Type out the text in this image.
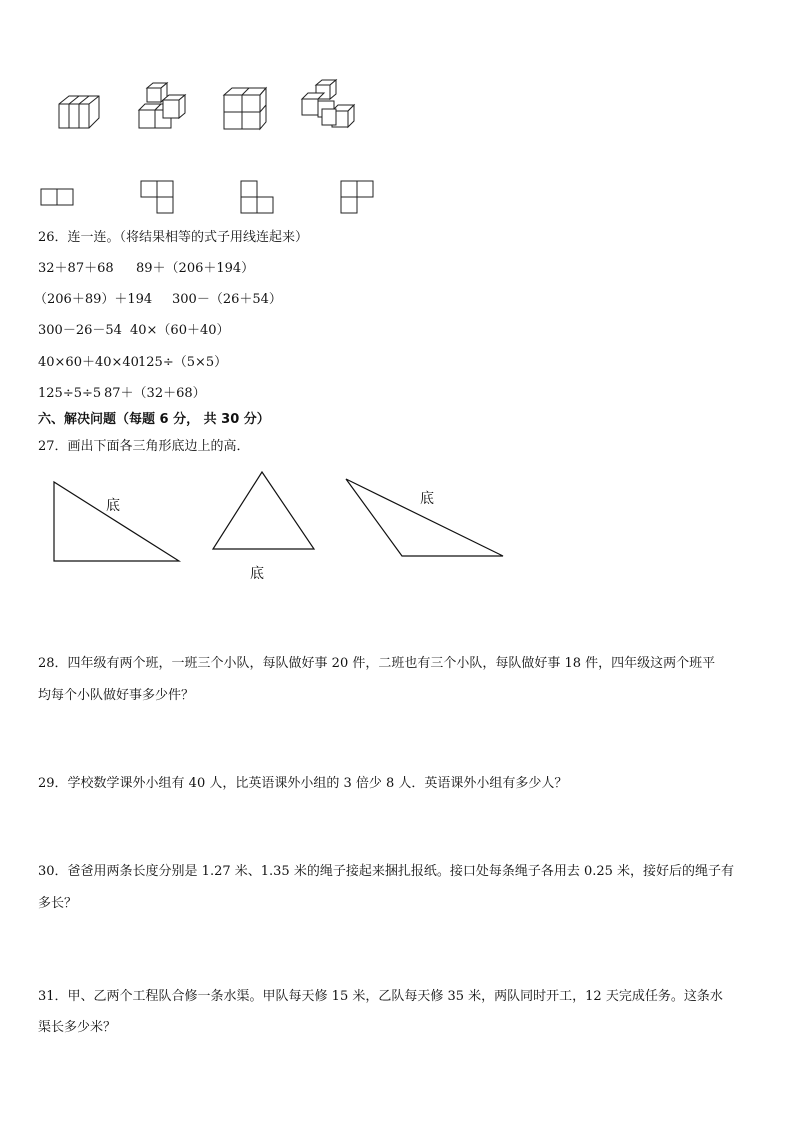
26．连一连。（将结果相等的式子用线连起来）
32＋87＋68 89＋（206＋194）
（206＋89）＋194 300－（26＋54）
300－26－54 40×（60＋40）
40×60＋40×40 125÷（5×5）
125÷5÷5 87＋（32＋68）
六、解决问题（每题 6 分， 共 30 分）
27．画出下面各三角形底边上的高．
底
底
底
28．四年级有两个班，一班三个小队，每队做好事 20 件，二班也有三个小队，每队做好事 18 件，四年级这两个班平
均每个小队做好事多少件？
29．学校数学课外小组有 40 人，比英语课外小组的 3 倍少 8 人．英语课外小组有多少人？
30．爸爸用两条长度分别是 1.27 米、1.35 米的绳子接起来捆扎报纸。接口处每条绳子各用去 0.25 米，接好后的绳子有
多长？
31．甲、乙两个工程队合修一条水渠。甲队每天修 15 米，乙队每天修 35 米，两队同时开工，12 天完成任务。这条水
渠长多少米？
